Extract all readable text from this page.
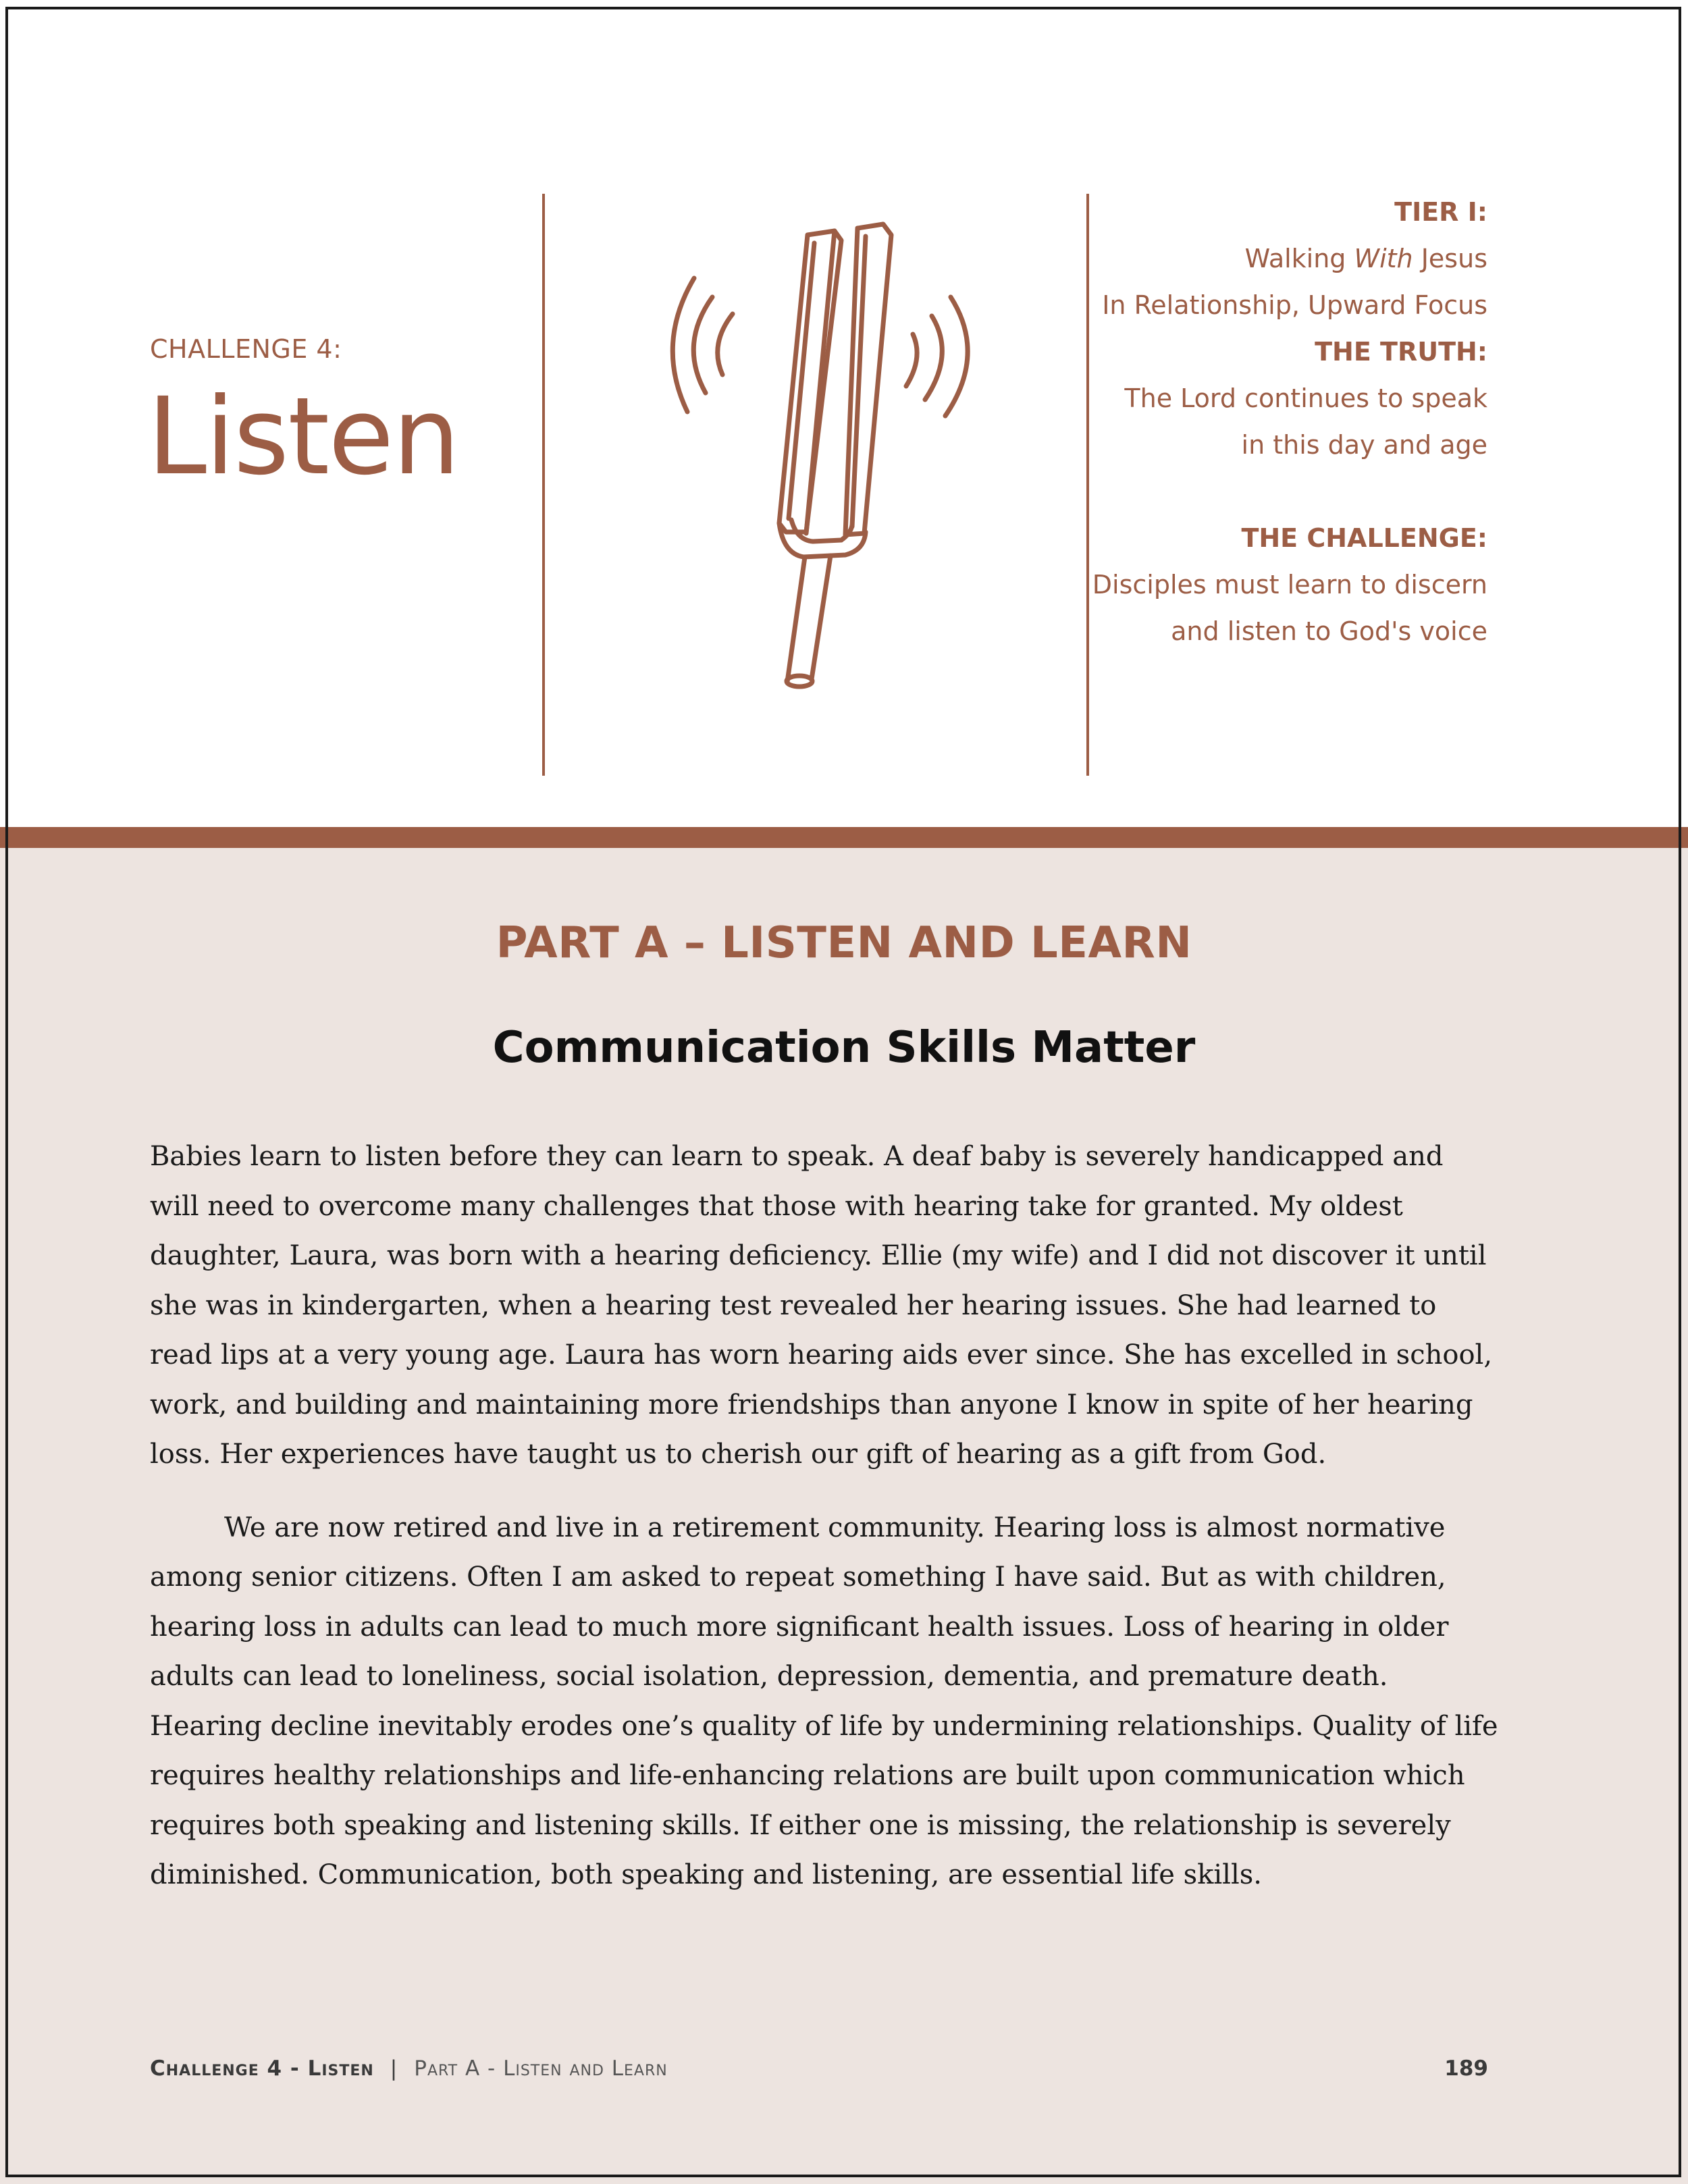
CHALLENGE 4:
Listen
TIER I:
Walking With Jesus
In Relationship, Upward Focus
THE TRUTH:
The Lord continues to speak
in this day and age
THE CHALLENGE:
Disciples must learn to discern
and listen to God's voice
PART A – LISTEN AND LEARN
Communication Skills Matter

Babies learn to listen before they can learn to speak. A deaf baby is severely handicapped and will need to overcome many challenges that those with hearing take for granted. My oldest daughter, Laura, was born with a hearing deficiency. Ellie (my wife) and I did not discover it until she was in kindergarten, when a hearing test revealed her hearing issues. She had learned to read lips at a very young age. Laura has worn hearing aids ever since. She has excelled in school, work, and building and maintaining more friendships than anyone I know in spite of her hearing loss. Her experiences have taught us to cherish our gift of hearing as a gift from God.

We are now retired and live in a retirement community. Hearing loss is almost normative among senior citizens. Often I am asked to repeat something I have said. But as with children, hearing loss in adults can lead to much more significant health issues. Loss of hearing in older adults can lead to loneliness, social isolation, depression, dementia, and premature death. Hearing decline inevitably erodes one’s quality of life by undermining relationships. Quality of life requires healthy relationships and life-enhancing relations are built upon communication which requires both speaking and listening skills. If either one is missing, the relationship is severely diminished. Communication, both speaking and listening, are essential life skills.

Challenge 4 - Listen | Part A - Listen and Learn	189
